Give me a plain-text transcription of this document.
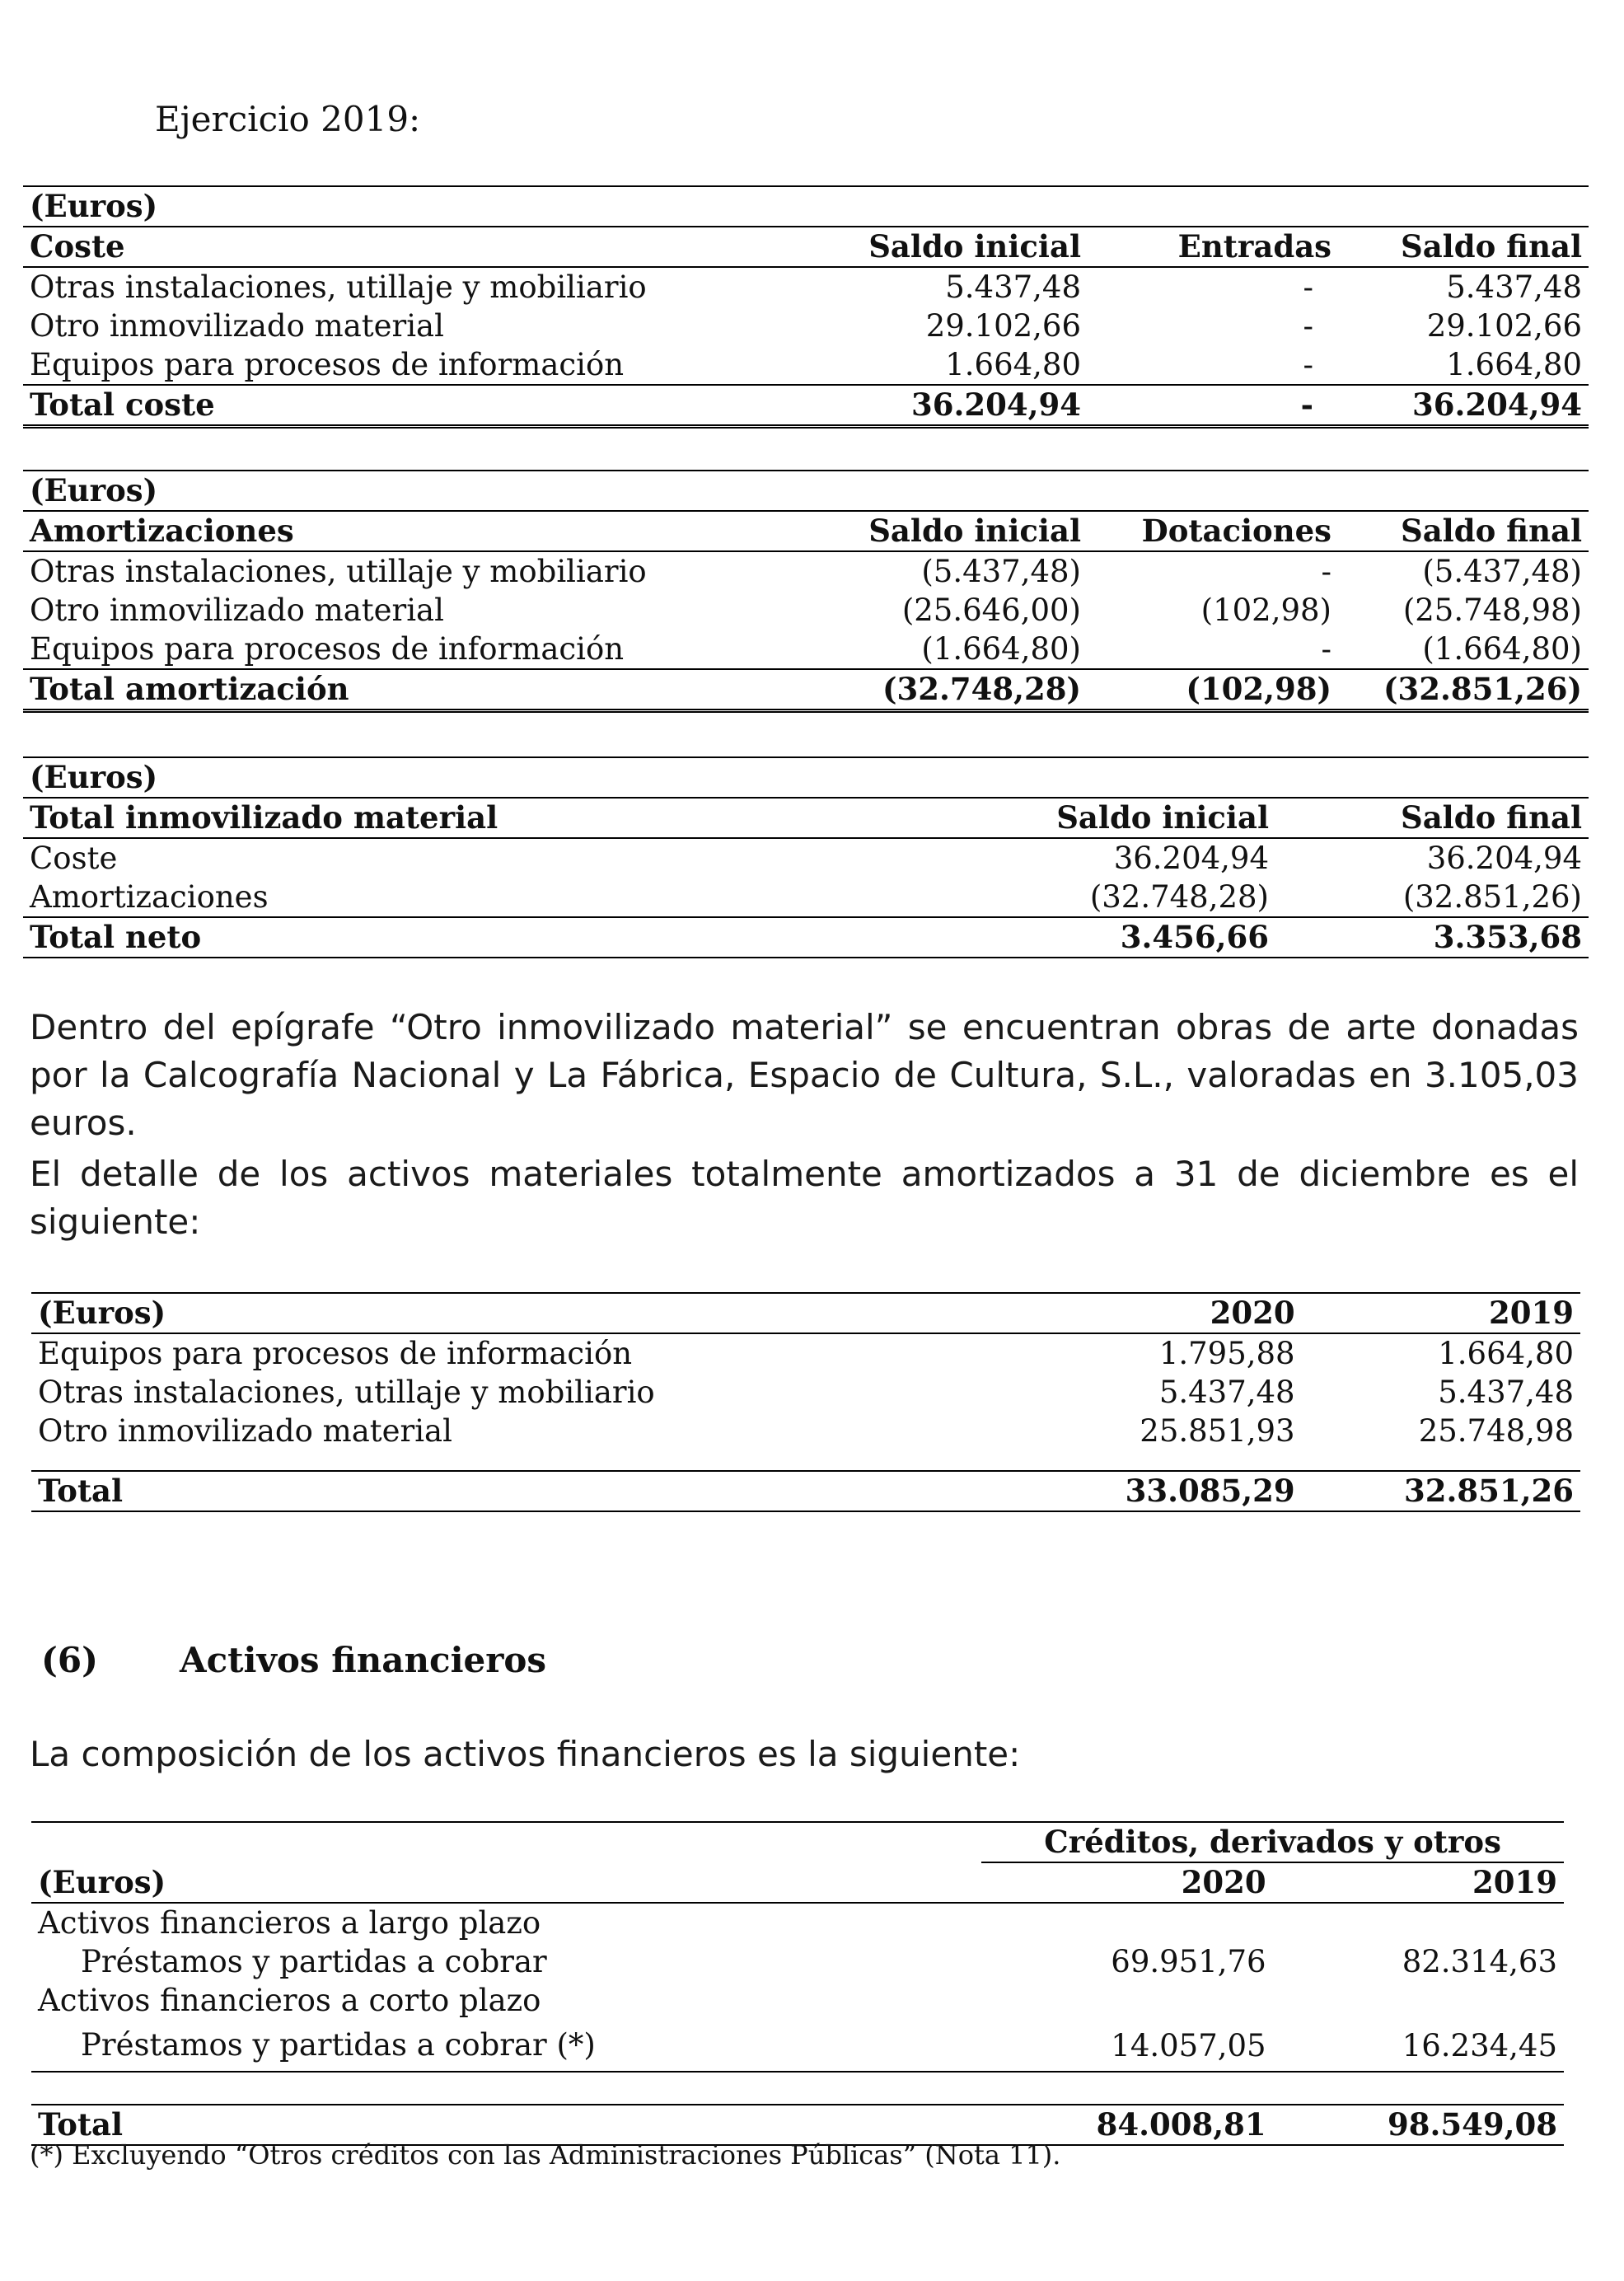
Ejercicio 2019:
(Euros)			
Coste	Saldo inicial	Entradas	Saldo final
Otras instalaciones, utillaje y mobiliario	5.437,48	-	5.437,48
Otro inmovilizado material	29.102,66	-	29.102,66
Equipos para procesos de información	1.664,80	-	1.664,80
Total coste	36.204,94	-	36.204,94
(Euros)			
Amortizaciones	Saldo inicial	Dotaciones	Saldo final
Otras instalaciones, utillaje y mobiliario	(5.437,48)	-	(5.437,48)
Otro inmovilizado material	(25.646,00)	(102,98)	(25.748,98)
Equipos para procesos de información	(1.664,80)	-	(1.664,80)
Total amortización	(32.748,28)	(102,98)	(32.851,26)
(Euros)		
Total inmovilizado material	Saldo inicial	Saldo final
Coste	36.204,94	36.204,94
Amortizaciones	(32.748,28)	(32.851,26)
Total neto	3.456,66	3.353,68
Dentro del epígrafe “Otro inmovilizado material” se encuentran obras de arte donadas por la Calcografía Nacional y La Fábrica, Espacio de Cultura, S.L., valoradas en 3.105,03 euros.
El detalle de los activos materiales totalmente amortizados a 31 de diciembre es el siguiente:
(Euros)	2020	2019
Equipos para procesos de información	1.795,88	1.664,80
Otras instalaciones, utillaje y mobiliario	5.437,48	5.437,48
Otro inmovilizado material	25.851,93	25.748,98

Total	33.085,29	32.851,26
(6) Activos financieros
La composición de los activos financieros es la siguiente:
	Créditos, derivados y otros	
(Euros)	2020	2019
Activos financieros a largo plazo		
Préstamos y partidas a cobrar	69.951,76	82.314,63
Activos financieros a corto plazo		
Préstamos y partidas a cobrar (*)	14.057,05	16.234,45

Total	84.008,81	98.549,08
(*) Excluyendo “Otros créditos con las Administraciones Públicas” (Nota 11).
